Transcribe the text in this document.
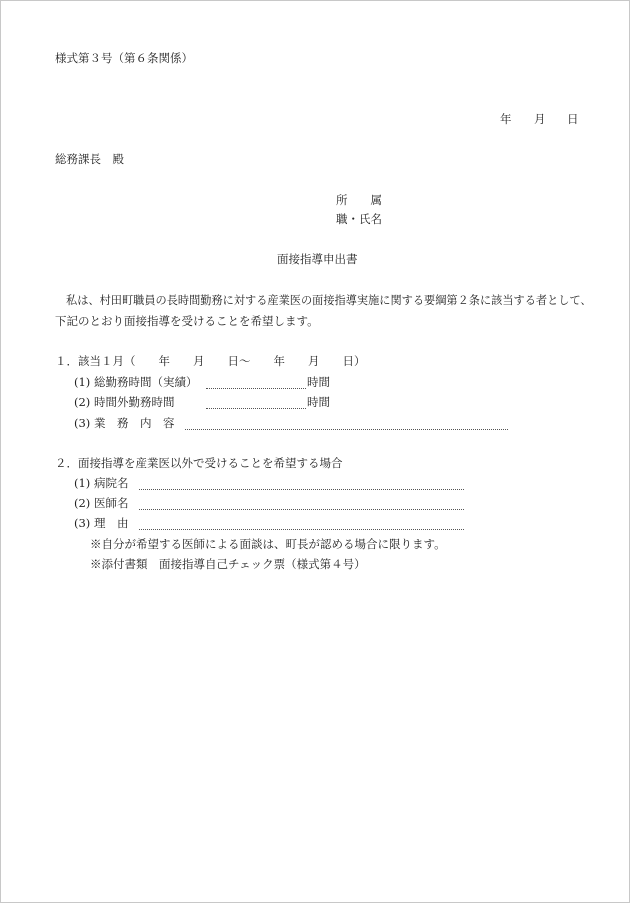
様式第３号（第６条関係）
年 月 日
総務課長　殿
所　　属
職・氏名
面接指導申出書
私は、村田町職員の長時間勤務に対する産業医の面接指導実施に関する要綱第２条に該当する者として、
下記のとおり面接指導を受けることを希望します。
１．該当１月（　　年　　月　　日〜　　年　　月　　日）
(1) 総勤務時間（実績）	時間
(2) 時間外勤務時間	時間
(3) 業　務　内　容
２．面接指導を産業医以外で受けることを希望する場合
(1) 病院名
(2) 医師名
(3) 理　由
※自分が希望する医師による面談は、町長が認める場合に限ります。
※添付書類　面接指導自己チェック票（様式第４号）
